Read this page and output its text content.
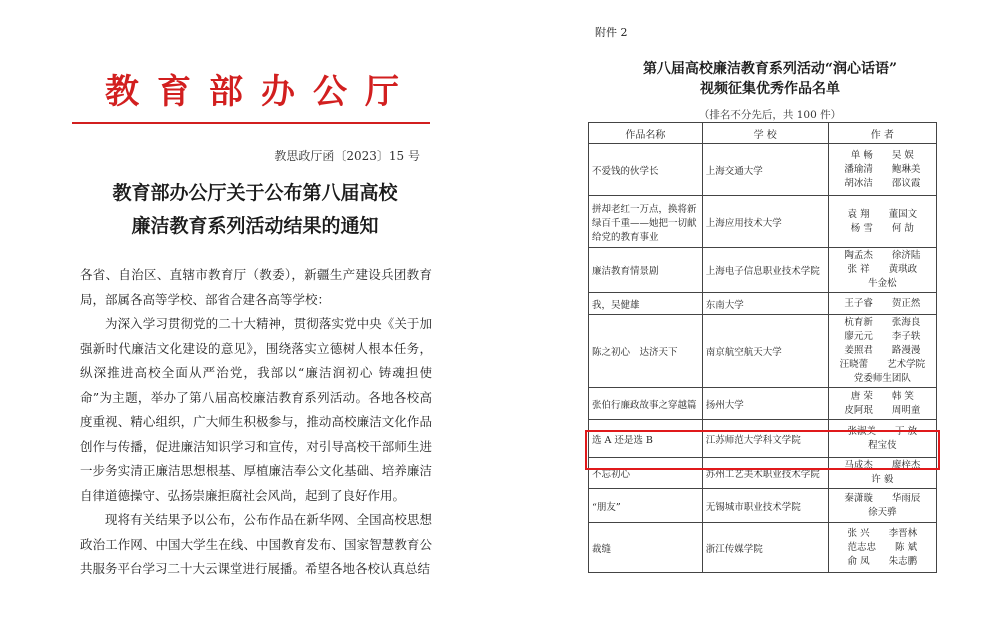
教育部办公厅
教思政厅函〔2023〕15 号
教育部办公厅关于公布第八届高校
廉洁教育系列活动结果的通知

各省、自治区、直辖市教育厅（教委），新疆生产建设兵团教育局，部属各高等学校、部省合建各高等学校：

为深入学习贯彻党的二十大精神，贯彻落实党中央《关于加强新时代廉洁文化建设的意见》，围绕落实立德树人根本任务，纵深推进高校全面从严治党，我部以“廉洁润初心 铸魂担使命”为主题，举办了第八届高校廉洁教育系列活动。各地各校高度重视、精心组织，广大师生积极参与，推动高校廉洁文化作品创作与传播，促进廉洁知识学习和宣传，对引导高校干部师生进一步务实清正廉洁思想根基、厚植廉洁奉公文化基础、培养廉洁自律道德操守、弘扬崇廉拒腐社会风尚，起到了良好作用。

现将有关结果予以公布，公布作品在新华网、全国高校思想政治工作网、中国大学生在线、中国教育发布、国家智慧教育公共服务平台学习二十大云课堂进行展播。希望各地各校认真总结

附件 2
第八届高校廉洁教育系列活动“润心话语”
视频征集优秀作品名单
（排名不分先后，共 100 件）
作品名称	学 校	作 者
不爱钱的伙学长	上海交通大学	单 畅　　吴 娱
潘瑜清　　鲍琳美
胡冰洁　　邵议霞

拼却老红一万点，换将新绿百千重——她把一切献给党的教育事业	上海应用技术大学	袁 翔　　董国文
杨 雪　　何 劼

廉洁教育情景剧	上海电子信息职业技术学院	陶孟杰　　徐济陆
张 祥　　黄琪政
牛金松

我，吴健雄	东南大学	王子睿　　贺正然

陈之初心　达济天下	南京航空航天大学	杭育新　　张海良
廖元元　　李子轶
姜照君　　路漫漫
汪晓蕾　　艺术学院
党委师生团队

张伯行廉政故事之穿越篇	扬州大学	唐 荣　　韩 笑
皮阿珉　　周明童

选 A 还是选 B	江苏师范大学科文学院	张淑美　　丁 放
程宝伎

不忘初心	苏州工艺美术职业技术学院	马成杰　　廖梓杰
许 毅

“朋友”	无锡城市职业技术学院	秦潇璇　　华雨辰
徐天骅

裁缝	浙江传媒学院	张 兴　　李晋林
范志忠　　陈 斌
俞 凤　　朱志鹏
